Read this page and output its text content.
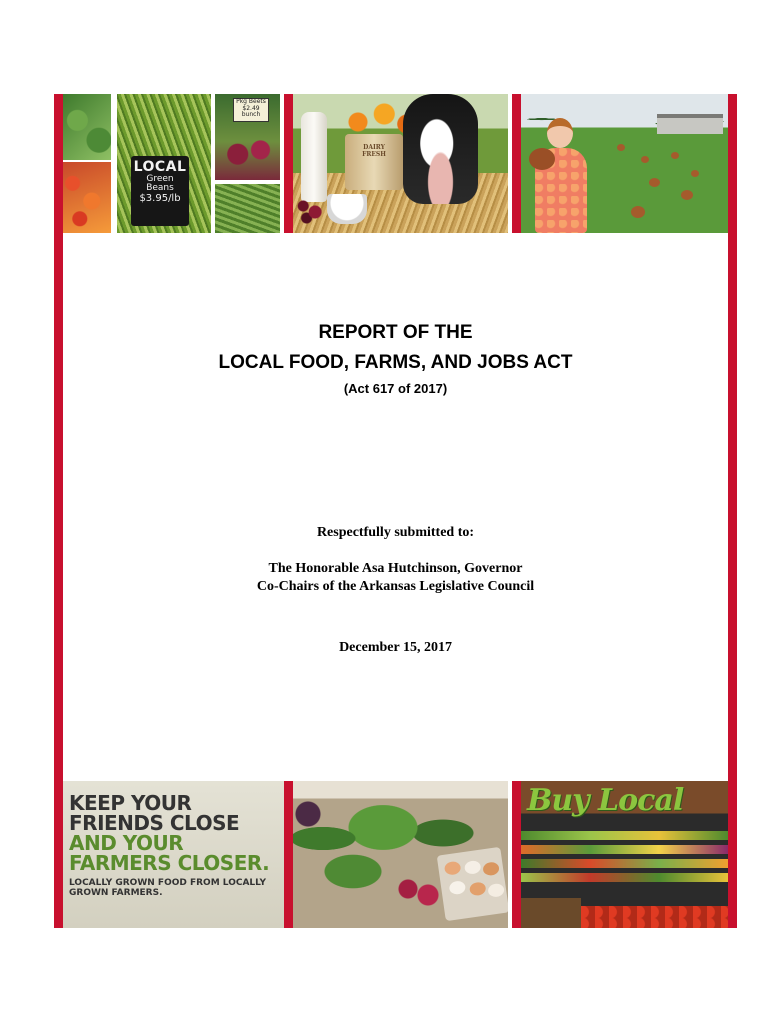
LOCAL
Green
Beans
$3.95/lb
Pkg Beets
$2.49 bunch
DAIRY FRESH
REPORT OF THE
LOCAL FOOD, FARMS, AND JOBS ACT
(Act 617 of 2017)
Respectfully submitted to:
The Honorable Asa Hutchinson, Governor
Co-Chairs of the Arkansas Legislative Council
December 15, 2017
KEEP YOUR
FRIENDS CLOSE
AND YOUR
FARMERS CLOSER.
LOCALLY GROWN FOOD FROM LOCALLY
GROWN FARMERS.
Buy Local
